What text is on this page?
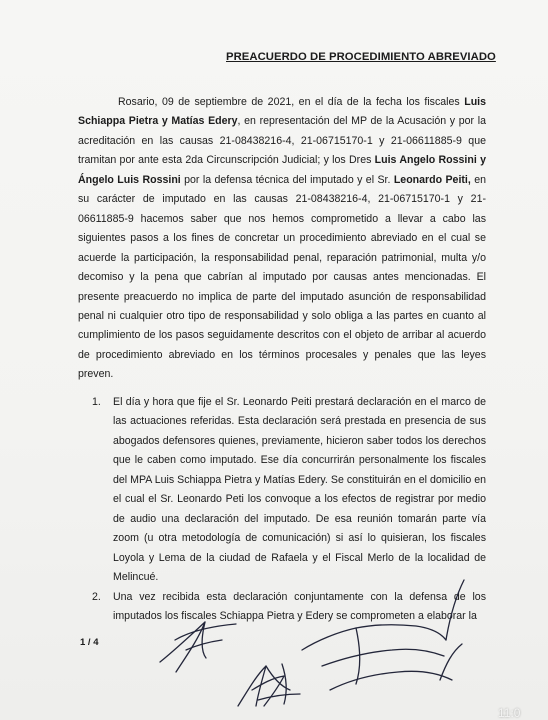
PREACUERDO DE PROCEDIMIENTO ABREVIADO

Rosario, 09 de septiembre de 2021, en el día de la fecha los fiscales Luis Schiappa Pietra y Matías Edery, en representación del MP de la Acusación y por la acreditación en las causas 21-08438216-4, 21-06715170-1 y 21-06611885-9 que tramitan por ante esta 2da Circunscripción Judicial; y los Dres Luis Angelo Rossini y Ángelo Luis Rossini por la defensa técnica del imputado y el Sr. Leonardo Peiti, en su carácter de imputado en las causas 21-08438216-4, 21-06715170-1 y 21-06611885-9 hacemos saber que nos hemos comprometido a llevar a cabo las siguientes pasos a los fines de concretar un procedimiento abreviado en el cual se acuerde la participación, la responsabilidad penal, reparación patrimonial, multa y/o decomiso y la pena que cabrían al imputado por causas antes mencionadas. El presente preacuerdo no implica de parte del imputado asunción de responsabilidad penal ni cualquier otro tipo de responsabilidad y solo obliga a las partes en cuanto al cumplimiento de los pasos seguidamente descritos con el objeto de arribar al acuerdo de procedimiento abreviado en los términos procesales y penales que las leyes preven.

1. El día y hora que fije el Sr. Leonardo Peiti prestará declaración en el marco de las actuaciones referidas. Esta declaración será prestada en presencia de sus abogados defensores quienes, previamente, hicieron saber todos los derechos que le caben como imputado. Ese día concurrirán personalmente los fiscales del MPA Luis Schiappa Pietra y Matías Edery. Se constituirán en el domicilio en el cual el Sr. Leonardo Peti los convoque a los efectos de registrar por medio de audio una declaración del imputado. De esa reunión tomarán parte vía zoom (u otra metodología de comunicación) si así lo quisieran, los fiscales Loyola y Lema de la ciudad de Rafaela y el Fiscal Merlo de la localidad de Melincué.
2. Una vez recibida esta declaración conjuntamente con la defensa de los imputados los fiscales Schiappa Pietra y Edery se comprometen a elaborar la
1 / 4
11:0
